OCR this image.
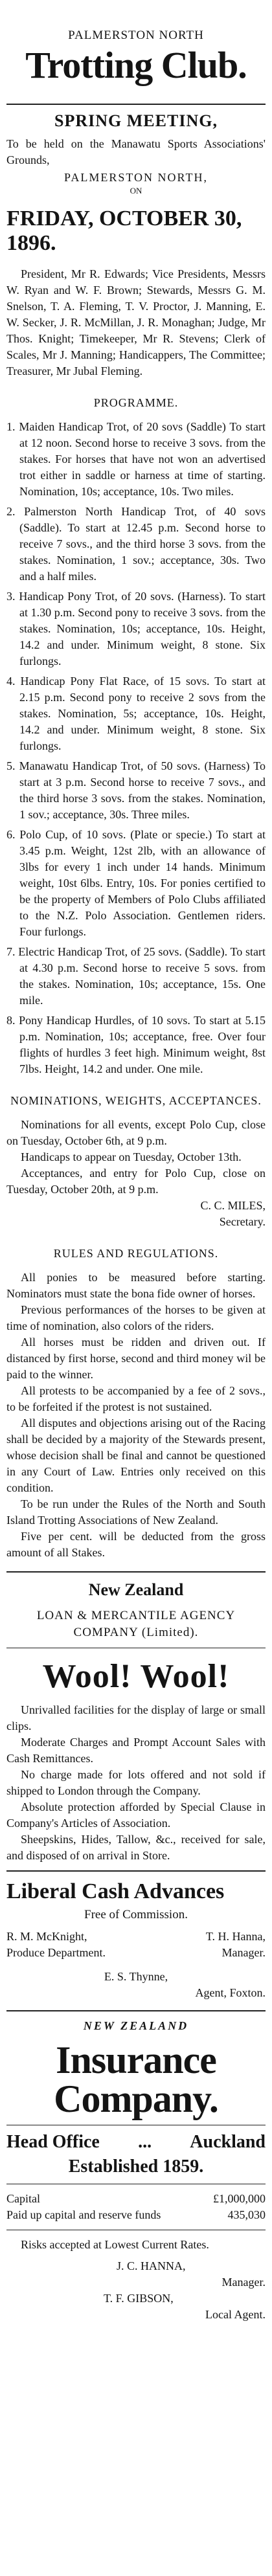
PALMERSTON NORTH
Trotting Club.
SPRING MEETING,

To be held on the Manawatu Sports Associations' Grounds,

PALMERSTON NORTH,
ON
FRIDAY, OCTOBER 30, 1896.

President, Mr R. Edwards; Vice Presidents, Messrs W. Ryan and W. F. Brown; Stewards, Messrs G. M. Snelson, T. A. Fleming, T. V. Proctor, J. Manning, E. W. Secker, J. R. McMillan, J. R. Monaghan; Judge, Mr Thos. Knight; Timekeeper, Mr R. Stevens; Clerk of Scales, Mr J. Manning; Handicappers, The Committee; Treasurer, Mr Jubal Fleming.

PROGRAMME.
1. Maiden Handicap Trot, of 20 sovs (Saddle) To start at 12 noon. Second horse to receive 3 sovs. from the stakes. For horses that have not won an advertised trot either in saddle or harness at time of starting. Nomination, 10s; acceptance, 10s. Two miles.
2. Palmerston North Handicap Trot, of 40 sovs (Saddle). To start at 12.45 p.m. Second horse to receive 7 sovs., and the third horse 3 sovs. from the stakes. Nomination, 1 sov.; acceptance, 30s. Two and a half miles.
3. Handicap Pony Trot, of 20 sovs. (Harness). To start at 1.30 p.m. Second pony to receive 3 sovs. from the stakes. Nomination, 10s; acceptance, 10s. Height, 14.2 and under. Minimum weight, 8 stone. Six furlongs.
4. Handicap Pony Flat Race, of 15 sovs. To start at 2.15 p.m. Second pony to receive 2 sovs from the stakes. Nomination, 5s; acceptance, 10s. Height, 14.2 and under. Minimum weight, 8 stone. Six furlongs.
5. Manawatu Handicap Trot, of 50 sovs. (Harness) To start at 3 p.m. Second horse to receive 7 sovs., and the third horse 3 sovs. from the stakes. Nomination, 1 sov.; acceptance, 30s. Three miles.
6. Polo Cup, of 10 sovs. (Plate or specie.) To start at 3.45 p.m. Weight, 12st 2lb, with an allowance of 3lbs for every 1 inch under 14 hands. Minimum weight, 10st 6lbs. Entry, 10s. For ponies certified to be the property of Members of Polo Clubs affiliated to the N.Z. Polo Association. Gentlemen riders. Four furlongs.
7. Electric Handicap Trot, of 25 sovs. (Saddle). To start at 4.30 p.m. Second horse to receive 5 sovs. from the stakes. Nomination, 10s; acceptance, 15s. One mile.
8. Pony Handicap Hurdles, of 10 sovs. To start at 5.15 p.m. Nomination, 10s; acceptance, free. Over four flights of hurdles 3 feet high. Minimum weight, 8st 7lbs. Height, 14.2 and under. One mile.
NOMINATIONS, WEIGHTS, ACCEPTANCES.

Nominations for all events, except Polo Cup, close on Tuesday, October 6th, at 9 p.m.

Handicaps to appear on Tuesday, October 13th.

Acceptances, and entry for Polo Cup, close on Tuesday, October 20th, at 9 p.m.

C. C. MILES,
Secretary.
RULES AND REGULATIONS.

All ponies to be measured before starting. Nominators must state the bona fide owner of horses.

Previous performances of the horses to be given at time of nomination, also colors of the riders.

All horses must be ridden and driven out. If distanced by first horse, second and third money wil be paid to the winner.

All protests to be accompanied by a fee of 2 sovs., to be forfeited if the protest is not sustained.

All disputes and objections arising out of the Racing shall be decided by a majority of the Stewards present, whose decision shall be final and cannot be questioned in any Court of Law. Entries only received on this condition.

To be run under the Rules of the North and South Island Trotting Associations of New Zealand.

Five per cent. will be deducted from the gross amount of all Stakes.

New Zealand
LOAN & MERCANTILE AGENCY
COMPANY (Limited).
Wool! Wool!

Unrivalled facilities for the display of large or small clips.

Moderate Charges and Prompt Account Sales with Cash Remittances.

No charge made for lots offered and not sold if shipped to London through the Company.

Absolute protection afforded by Special Clause in Company's Articles of Association.

Sheepskins, Hides, Tallow, &c., received for sale, and disposed of on arrival in Store.

Liberal Cash Advances
Free of Commission.
R. M. McKnight,	T. H. Hanna,
Produce Department.	Manager.
E. S. Thynne,
Agent, Foxton.
NEW ZEALAND
Insurance Company.
Head Office ... Auckland
Established 1859.
Capital	£1,000,000
Paid up capital and reserve funds	435,030

Risks accepted at Lowest Current Rates.

J. C. HANNA,
Manager.
T. F. GIBSON,
Local Agent.
